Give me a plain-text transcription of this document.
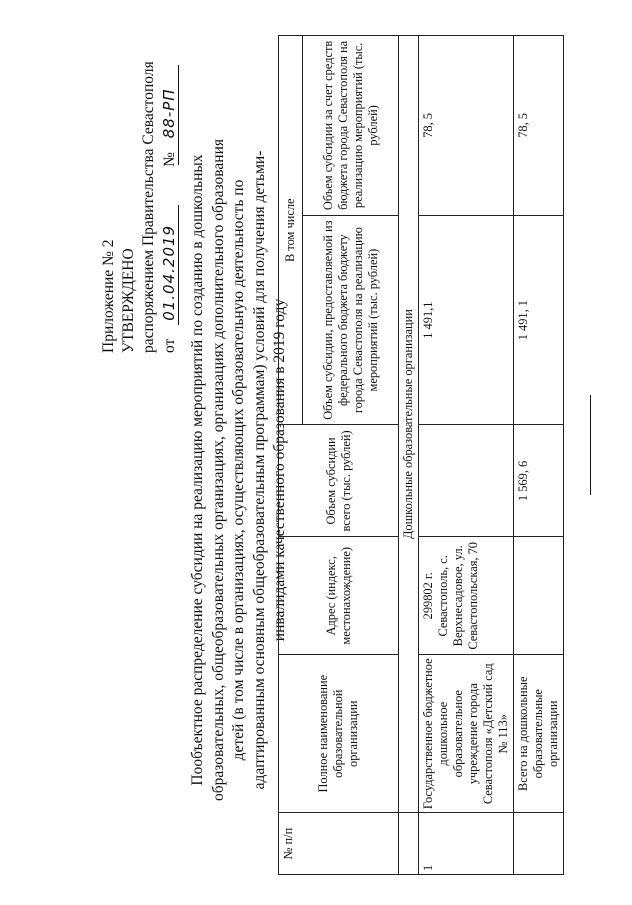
Приложение № 2 УТВЕРЖДЕНО распоряжением Правительства Севастополя от 01.04.2019 № 88-РП
Пообъектное распределение субсидии на реализацию мероприятий по созданию в дошкольных образовательных, общеобразовательных организациях, организациях дополнительного образования детей (в том числе в организациях, осуществляющих образовательную деятельность по адаптированным основным общеобразовательным программам) условий для получения детьми-инвалидами качественного образования в 2019 году
№ п/п	Полное наименование образовательной организации	Адрес (индекс, местонахождение)	Объем субсидии всего (тыс. рублей)	В том числе	
				Объем субсидии, предоставляемой из федерального бюджета бюджету города Севастополя на реализацию мероприятий (тыс. рублей)	Объем субсидии за счет средств бюджета города Севастополя на реализацию мероприятий (тыс. рублей)
	Дошкольные образовательные организации				
1	Государственное бюджетное дошкольное образовательное учреждение города Севастополя «Детский сад № 113»	299802 г. Севастополь, с. Верхнесадовое, ул. Севастопольская, 70		1 491,1	78, 5
	Всего на дошкольные образовательные организации		1 569, 6	1 491, 1	78, 5
